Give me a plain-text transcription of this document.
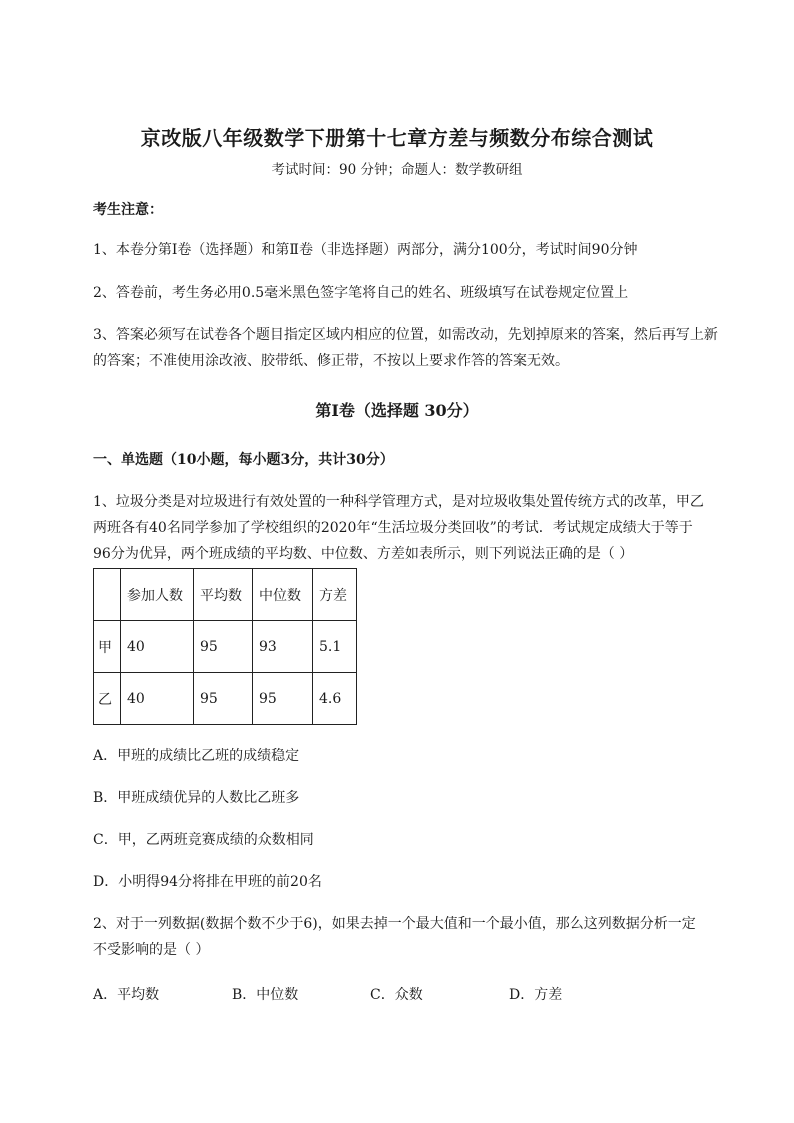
京改版八年级数学下册第十七章方差与频数分布综合测试
考试时间：90 分钟；命题人：数学教研组
考生注意：
1、本卷分第Ⅰ卷（选择题）和第Ⅱ卷（非选择题）两部分，满分100分，考试时间90分钟
2、答卷前，考生务必用0.5毫米黑色签字笔将自己的姓名、班级填写在试卷规定位置上
3、答案必须写在试卷各个题目指定区域内相应的位置，如需改动，先划掉原来的答案，然后再写上新
的答案；不准使用涂改液、胶带纸、修正带，不按以上要求作答的答案无效。
第Ⅰ卷（选择题 30分）
一、单选题（10小题，每小题3分，共计30分）
1、垃圾分类是对垃圾进行有效处置的一种科学管理方式，是对垃圾收集处置传统方式的改革，甲乙
两班各有40名同学参加了学校组织的2020年“生活垃圾分类回收”的考试．考试规定成绩大于等于
96分为优异，两个班成绩的平均数、中位数、方差如表所示，则下列说法正确的是（ ）
	参加人数	平均数	中位数	方差
甲	40	95	93	5.1
乙	40	95	95	4.6
A．甲班的成绩比乙班的成绩稳定
B．甲班成绩优异的人数比乙班多
C．甲，乙两班竞赛成绩的众数相同
D．小明得94分将排在甲班的前20名
2、对于一列数据(数据个数不少于6)，如果去掉一个最大值和一个最小值，那么这列数据分析一定
不受影响的是（ ）
A．平均数	B．中位数	C．众数	D．方差
